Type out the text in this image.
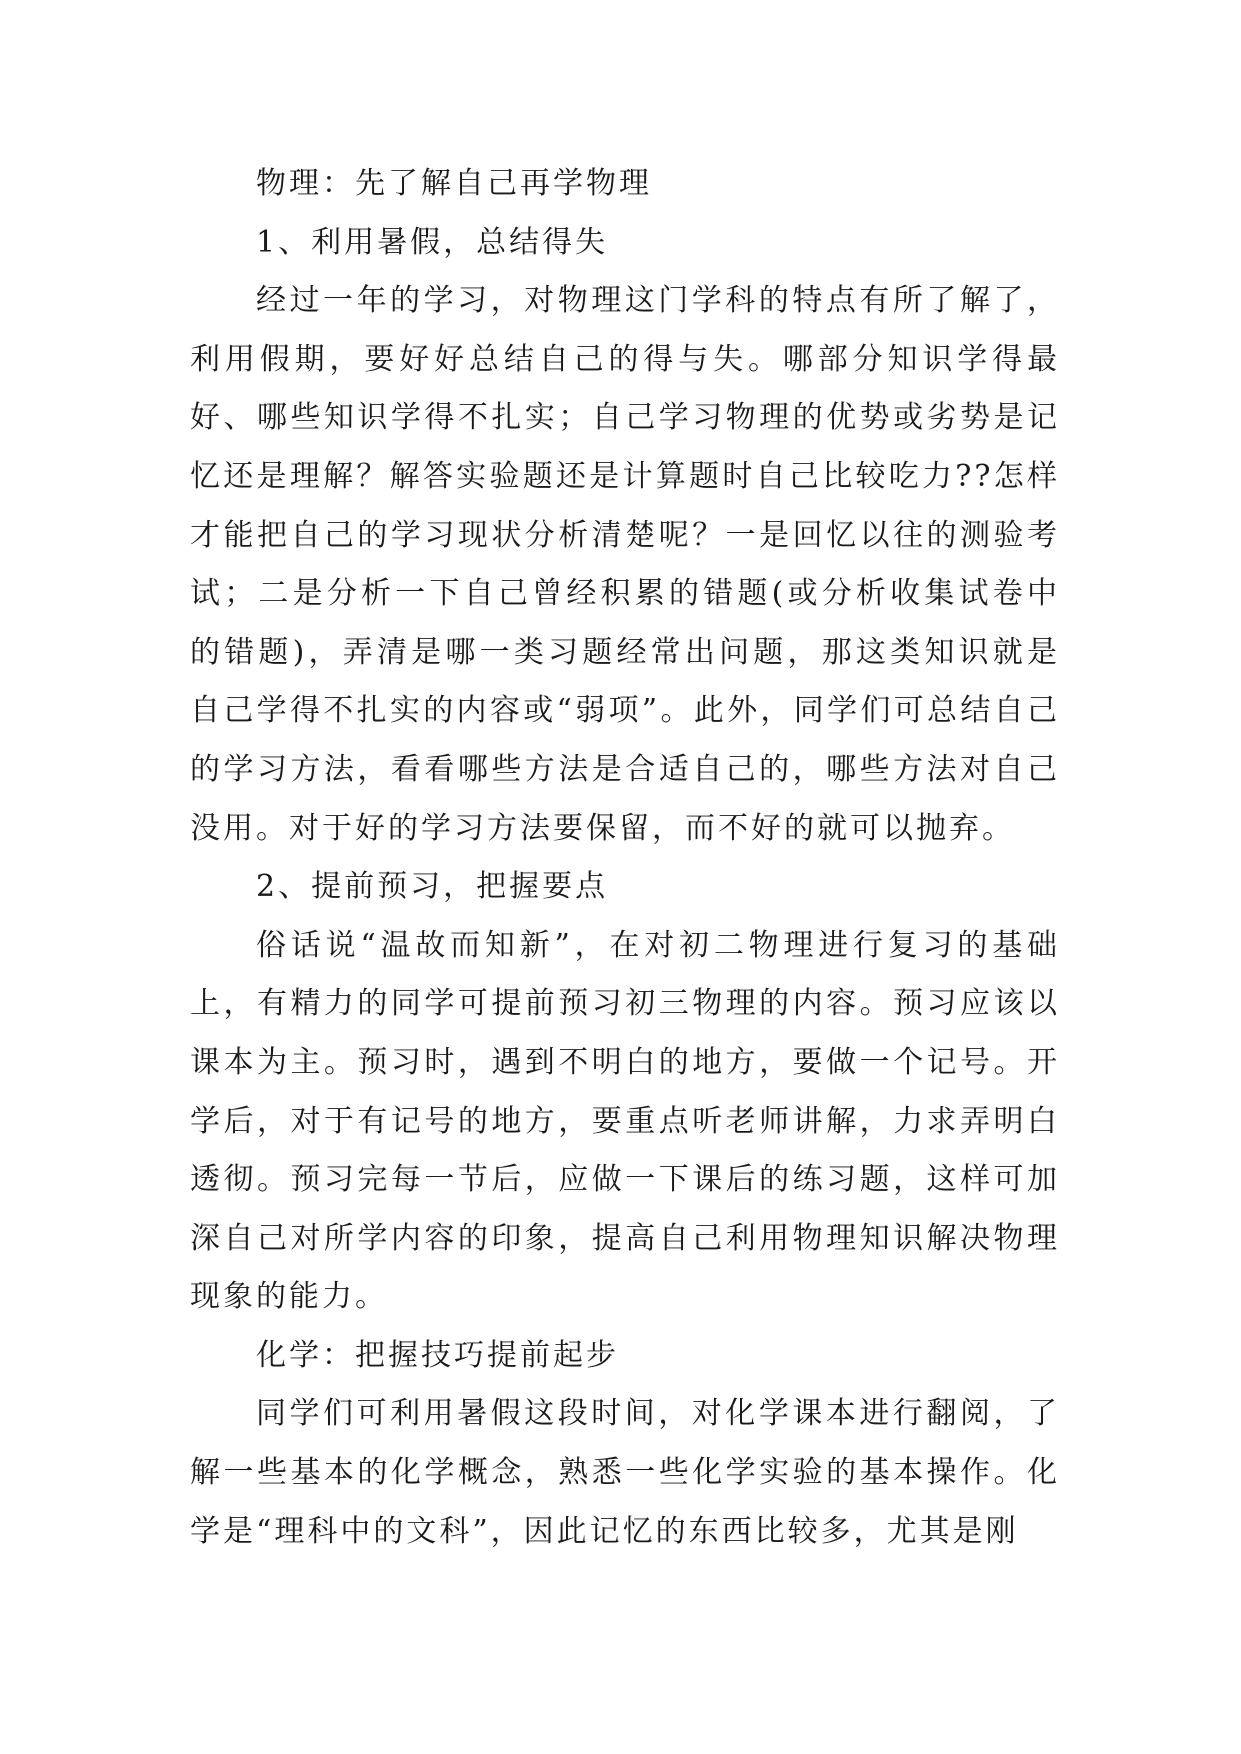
物理：先了解自己再学物理

1、利用暑假，总结得失

经过一年的学习，对物理这门学科的特点有所了解了，利用假期，要好好总结自己的得与失。哪部分知识学得最好、哪些知识学得不扎实；自己学习物理的优势或劣势是记忆还是理解？解答实验题还是计算题时自己比较吃力??怎样才能把自己的学习现状分析清楚呢？一是回忆以往的测验考试；二是分析一下自己曾经积累的错题(或分析收集试卷中的错题)，弄清是哪一类习题经常出问题，那这类知识就是自己学得不扎实的内容或“弱项”。此外，同学们可总结自己的学习方法，看看哪些方法是合适自己的，哪些方法对自己没用。对于好的学习方法要保留，而不好的就可以抛弃。

2、提前预习，把握要点

俗话说“温故而知新”，在对初二物理进行复习的基础上，有精力的同学可提前预习初三物理的内容。预习应该以课本为主。预习时，遇到不明白的地方，要做一个记号。开学后，对于有记号的地方，要重点听老师讲解，力求弄明白透彻。预习完每一节后，应做一下课后的练习题，这样可加深自己对所学内容的印象，提高自己利用物理知识解决物理现象的能力。

化学：把握技巧提前起步

同学们可利用暑假这段时间，对化学课本进行翻阅，了解一些基本的化学概念，熟悉一些化学实验的基本操作。化学是“理科中的文科”，因此记忆的东西比较多，尤其是刚
